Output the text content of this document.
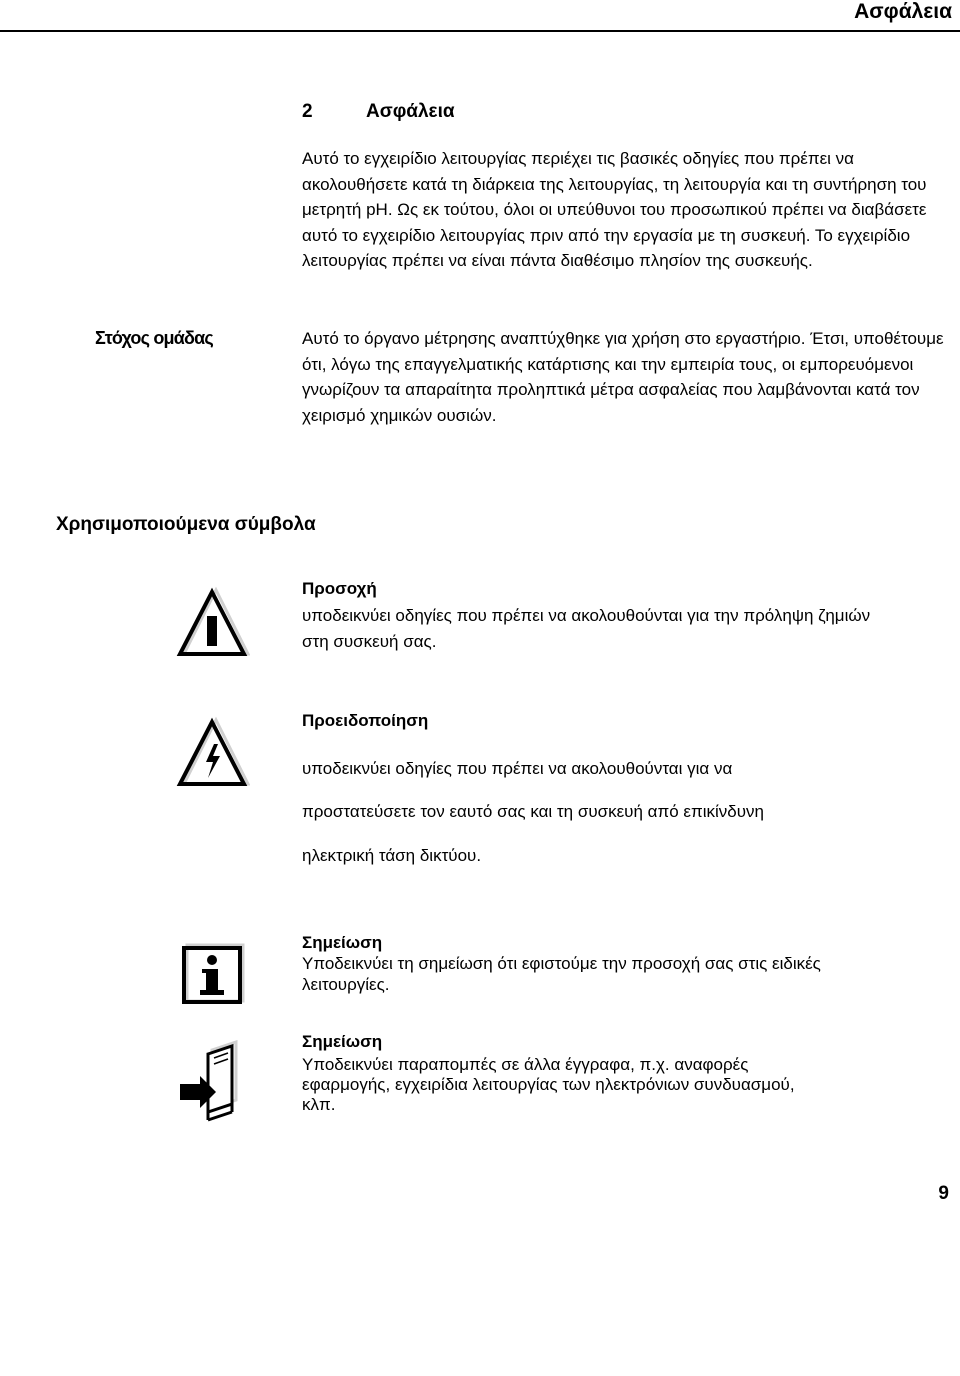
Ασφάλεια
2	Ασφάλεια
Αυτό το εγχειρίδιο λειτουργίας περιέχει τις βασικές οδηγίες που πρέπει να ακολουθήσετε κατά τη διάρκεια της λειτουργίας, τη λειτουργία και τη συντήρηση του μετρητή pH. Ως εκ τούτου, όλοι οι υπεύθυνοι του προσωπικού πρέπει να διαβάσετε αυτό το εγχειρίδιο λειτουργίας πριν από την εργασία με τη συσκευή. Το εγχειρίδιο λειτουργίας πρέπει να είναι πάντα διαθέσιμο πλησίον της συσκευής.
Στόχος ομάδας	Αυτό το όργανο μέτρησης αναπτύχθηκε για χρήση στο εργαστήριο. Έτσι, υποθέτουμε ότι, λόγω της επαγγελματικής κατάρτισης και την εμπειρία τους, οι εμπορευόμενοι γνωρίζουν τα απαραίτητα προληπτικά μέτρα ασφαλείας που λαμβάνονται κατά τον χειρισμό χημικών ουσιών.
Χρησιμοποιούμενα σύμβολα
Προσοχή
υποδεικνύει οδηγίες που πρέπει να ακολουθούνται για την πρόληψη ζημιών στη συσκευή σας.
Προειδοποίηση
υποδεικνύει οδηγίες που πρέπει να ακολουθούνται για να
προστατεύσετε τον εαυτό σας και τη συσκευή από επικίνδυνη
ηλεκτρική τάση δικτύου.
Σημείωση
Υποδεικνύει τη σημείωση ότι εφιστούμε την προσοχή σας στις ειδικές
λειτουργίες.
Σημείωση
Υποδεικνύει παραπομπές σε άλλα έγγραφα, π.χ. αναφορές
εφαρμογής, εγχειρίδια λειτουργίας των ηλεκτρόνιων συνδυασμού,
κλπ.
9
